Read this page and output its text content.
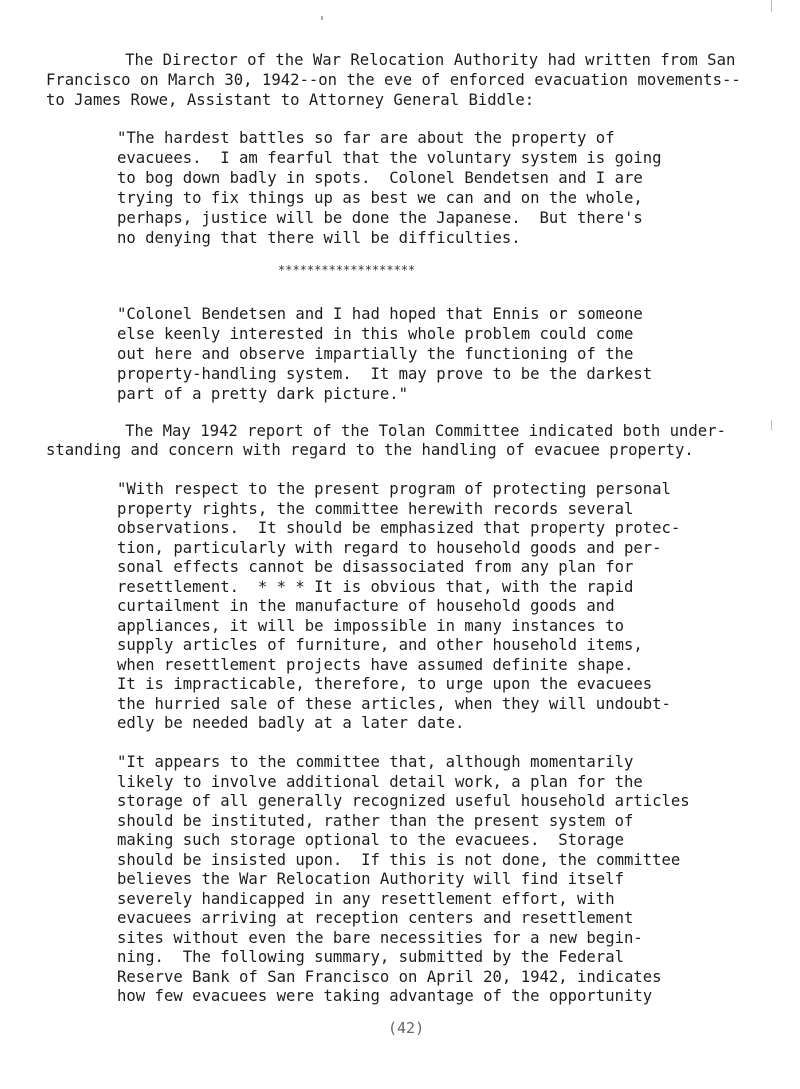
The Director of the War Relocation Authority had written from San
Francisco on March 30, 1942--on the eve of enforced evacuation movements--
to James Rowe, Assistant to Attorney General Biddle:
"The hardest battles so far are about the property of
evacuees.  I am fearful that the voluntary system is going
to bog down badly in spots.  Colonel Bendetsen and I are
trying to fix things up as best we can and on the whole,
perhaps, justice will be done the Japanese.  But there's
no denying that there will be difficulties.
*******************
"Colonel Bendetsen and I had hoped that Ennis or someone
else keenly interested in this whole problem could come
out here and observe impartially the functioning of the
property-handling system.  It may prove to be the darkest
part of a pretty dark picture."
The May 1942 report of the Tolan Committee indicated both under-
standing and concern with regard to the handling of evacuee property.
"With respect to the present program of protecting personal
property rights, the committee herewith records several
observations.  It should be emphasized that property protec-
tion, particularly with regard to household goods and per-
sonal effects cannot be disassociated from any plan for
resettlement.  * * * It is obvious that, with the rapid
curtailment in the manufacture of household goods and
appliances, it will be impossible in many instances to
supply articles of furniture, and other household items,
when resettlement projects have assumed definite shape.
It is impracticable, therefore, to urge upon the evacuees
the hurried sale of these articles, when they will undoubt-
edly be needed badly at a later date.
"It appears to the committee that, although momentarily
likely to involve additional detail work, a plan for the
storage of all generally recognized useful household articles
should be instituted, rather than the present system of
making such storage optional to the evacuees.  Storage
should be insisted upon.  If this is not done, the committee
believes the War Relocation Authority will find itself
severely handicapped in any resettlement effort, with
evacuees arriving at reception centers and resettlement
sites without even the bare necessities for a new begin-
ning.  The following summary, submitted by the Federal
Reserve Bank of San Francisco on April 20, 1942, indicates
how few evacuees were taking advantage of the opportunity
(42)
